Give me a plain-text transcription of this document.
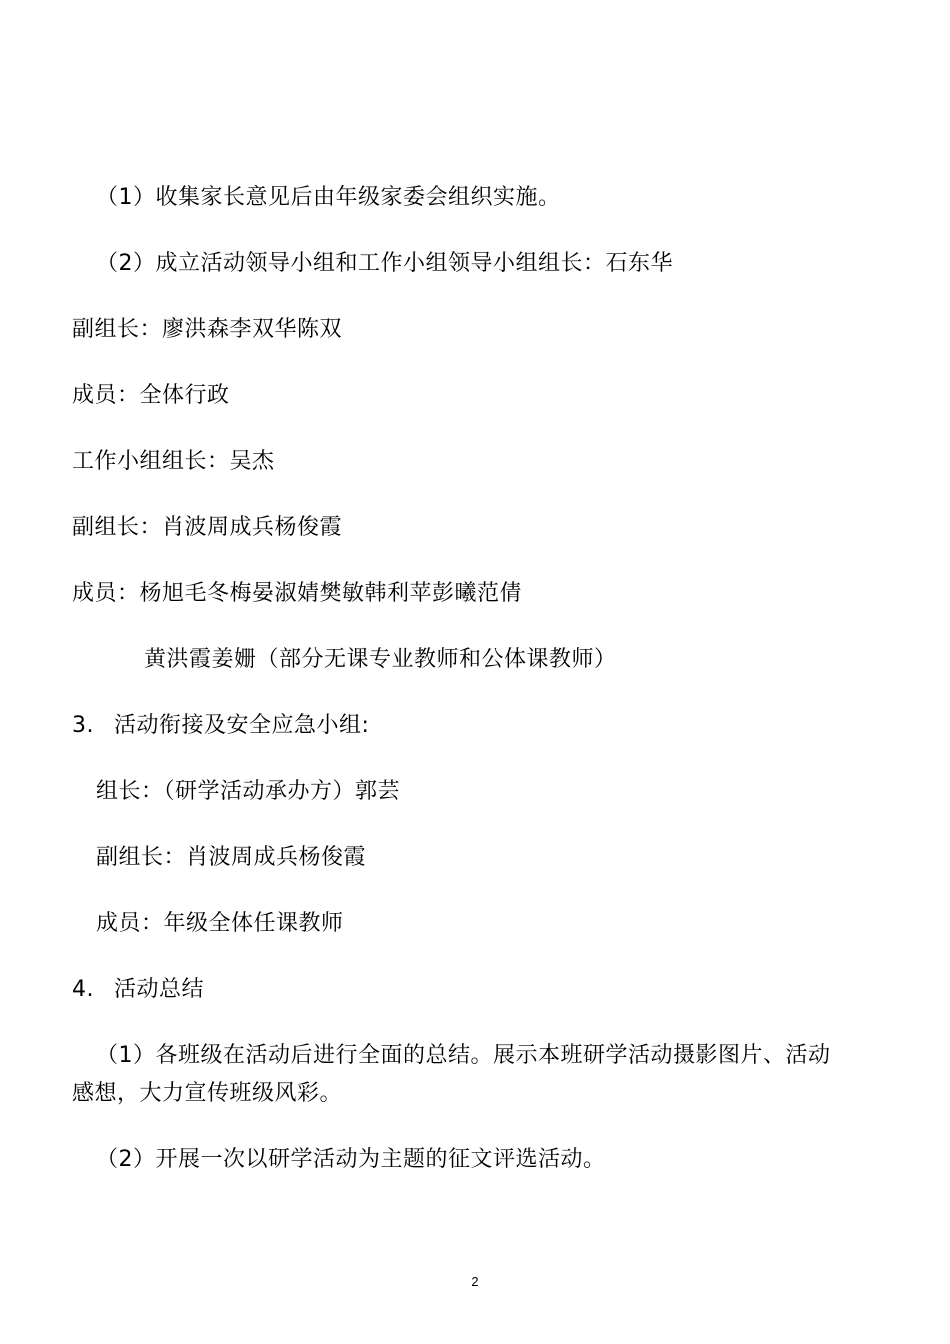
（1）收集家长意见后由年级家委会组织实施。
（2）成立活动领导小组和工作小组领导小组组长：石东华
副组长：廖洪森李双华陈双
成员：全体行政
工作小组组长：吴杰
副组长：肖波周成兵杨俊霞
成员：杨旭毛冬梅晏淑婧樊敏韩利苹彭曦范倩
黄洪霞姜姗（部分无课专业教师和公体课教师）
3. 活动衔接及安全应急小组:
组长：（研学活动承办方）郭芸
副组长：肖波周成兵杨俊霞
成员：年级全体任课教师
4. 活动总结
（1）各班级在活动后进行全面的总结。展示本班研学活动摄影图片、活动
感想，大力宣传班级风彩。
（2）开展一次以研学活动为主题的征文评选活动。
2
